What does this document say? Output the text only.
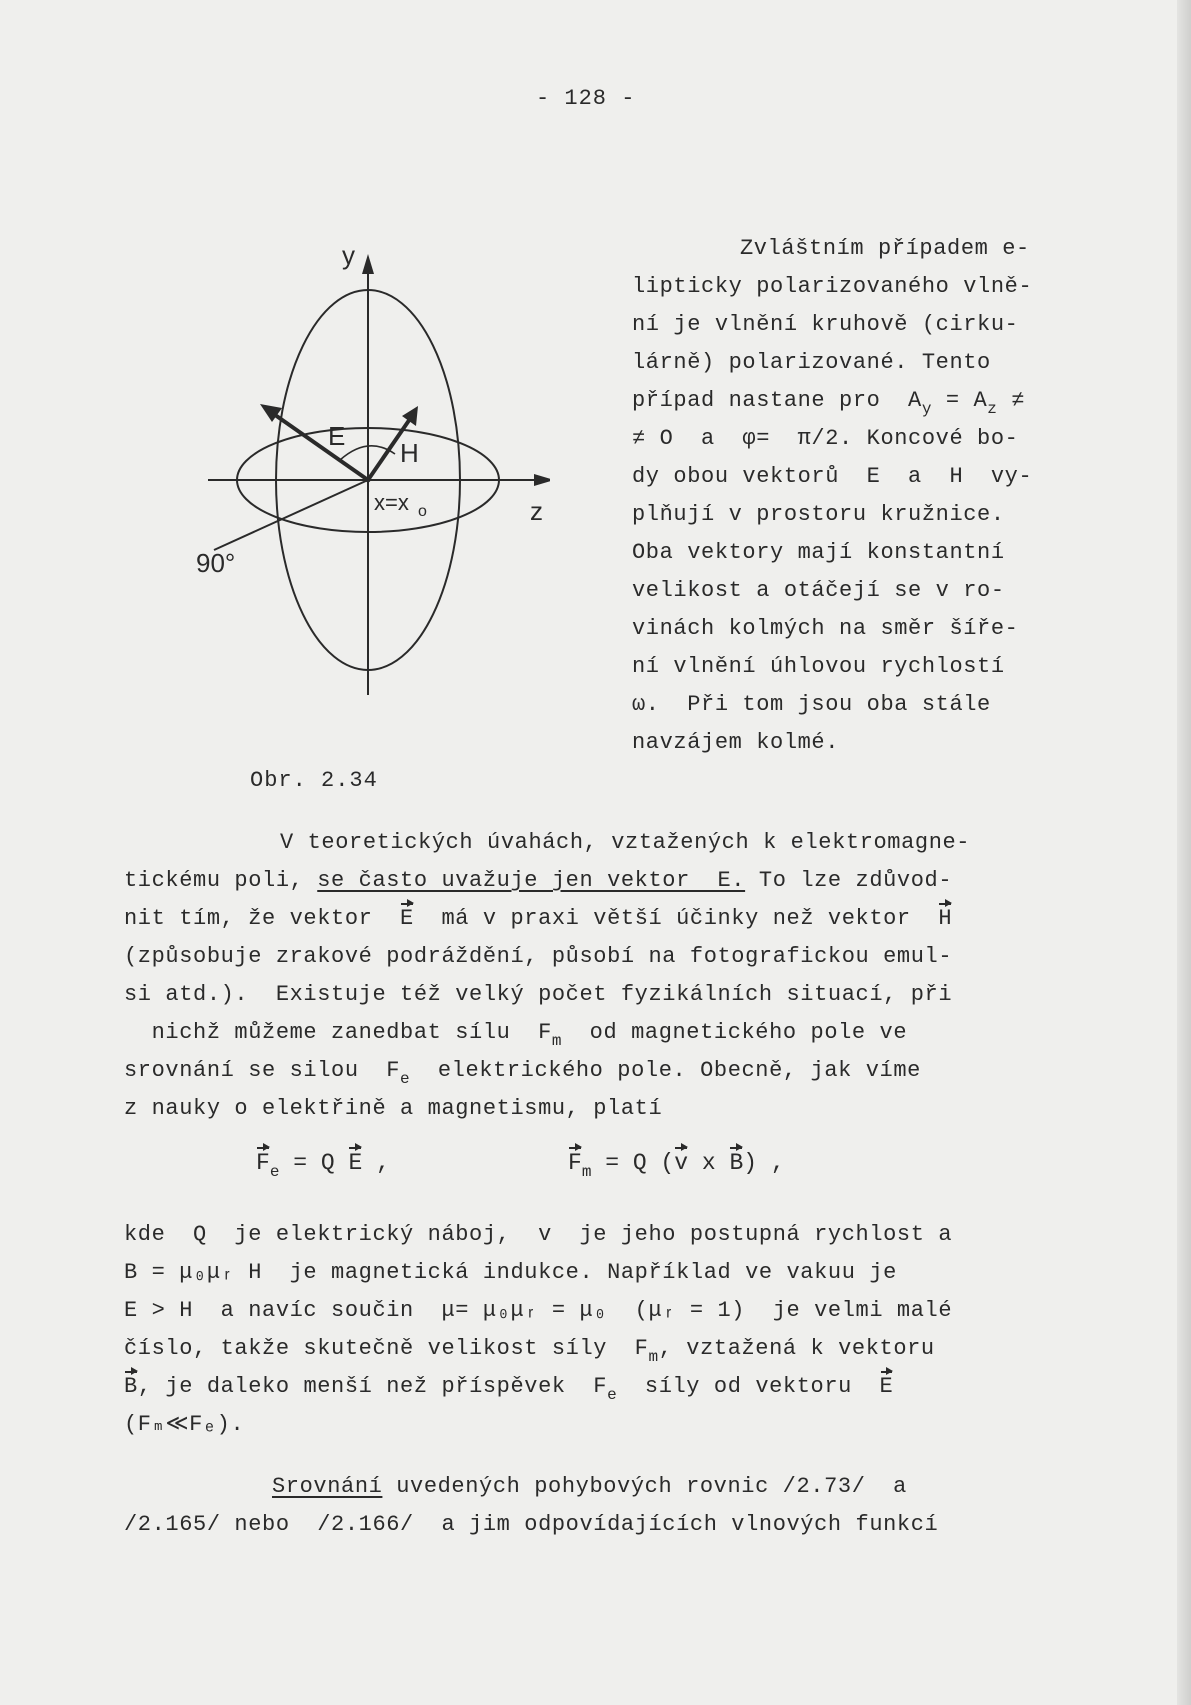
- 128 -
y
z
E
H
x=x o
90°
Obr. 2.34
Zvláštním případem e-
lipticky polarizovaného vlně-
ní je vlnění kruhově (cirku-
lárně) polarizované. Tento
případ nastane pro  $A_y = A_z$ ≠
≠ O  a  φ=  π/2. Koncové bo-
dy obou vektorů  E  a  H  vy-
plňují v prostoru kružnice.
Oba vektory mají konstantní
velikost a otáčejí se v ro-
vinách kolmých na směr šíře-
ní vlnění úhlovou rychlostí
ω.  Při tom jsou oba stále
navzájem kolmé.
V teoretických úvahách, vztažených k elektromagne-
tickému poli, se často uvažuje jen vektor  E. To lze zdůvod-
nit tím, že vektor  E  má v praxi větší účinky než vektor  H
(způsobuje zrakové podráždění, působí na fotografickou emul-
si atd.).  Existuje též velký počet fyzikálních situací, při
nichž můžeme zanedbat sílu  $F_m$  od magnetického pole ve
srovnání se silou  $F_e$  elektrického pole. Obecně, jak víme
z nauky o elektřině a magnetismu, platí
$F_e = Q$ E ,	$F_m = Q$ (v x B) ,
kde  Q  je elektrický náboj,  v  je jeho postupná rychlost a
B = μ₀μᵣ H  je magnetická indukce. Například ve vakuu je
E > H  a navíc součin  μ= μ₀μᵣ = μ₀  (μᵣ = 1)  je velmi malé
číslo, takže skutečně velikost síly  $F_m$, vztažená k vektoru
B, je daleko menší než příspěvek  $F_e$  síly od vektoru  E
(Fₘ≪Fₑ).
Srovnání uvedených pohybových rovnic /2.73/  a
/2.165/ nebo  /2.166/  a jim odpovídajících vlnových funkcí
